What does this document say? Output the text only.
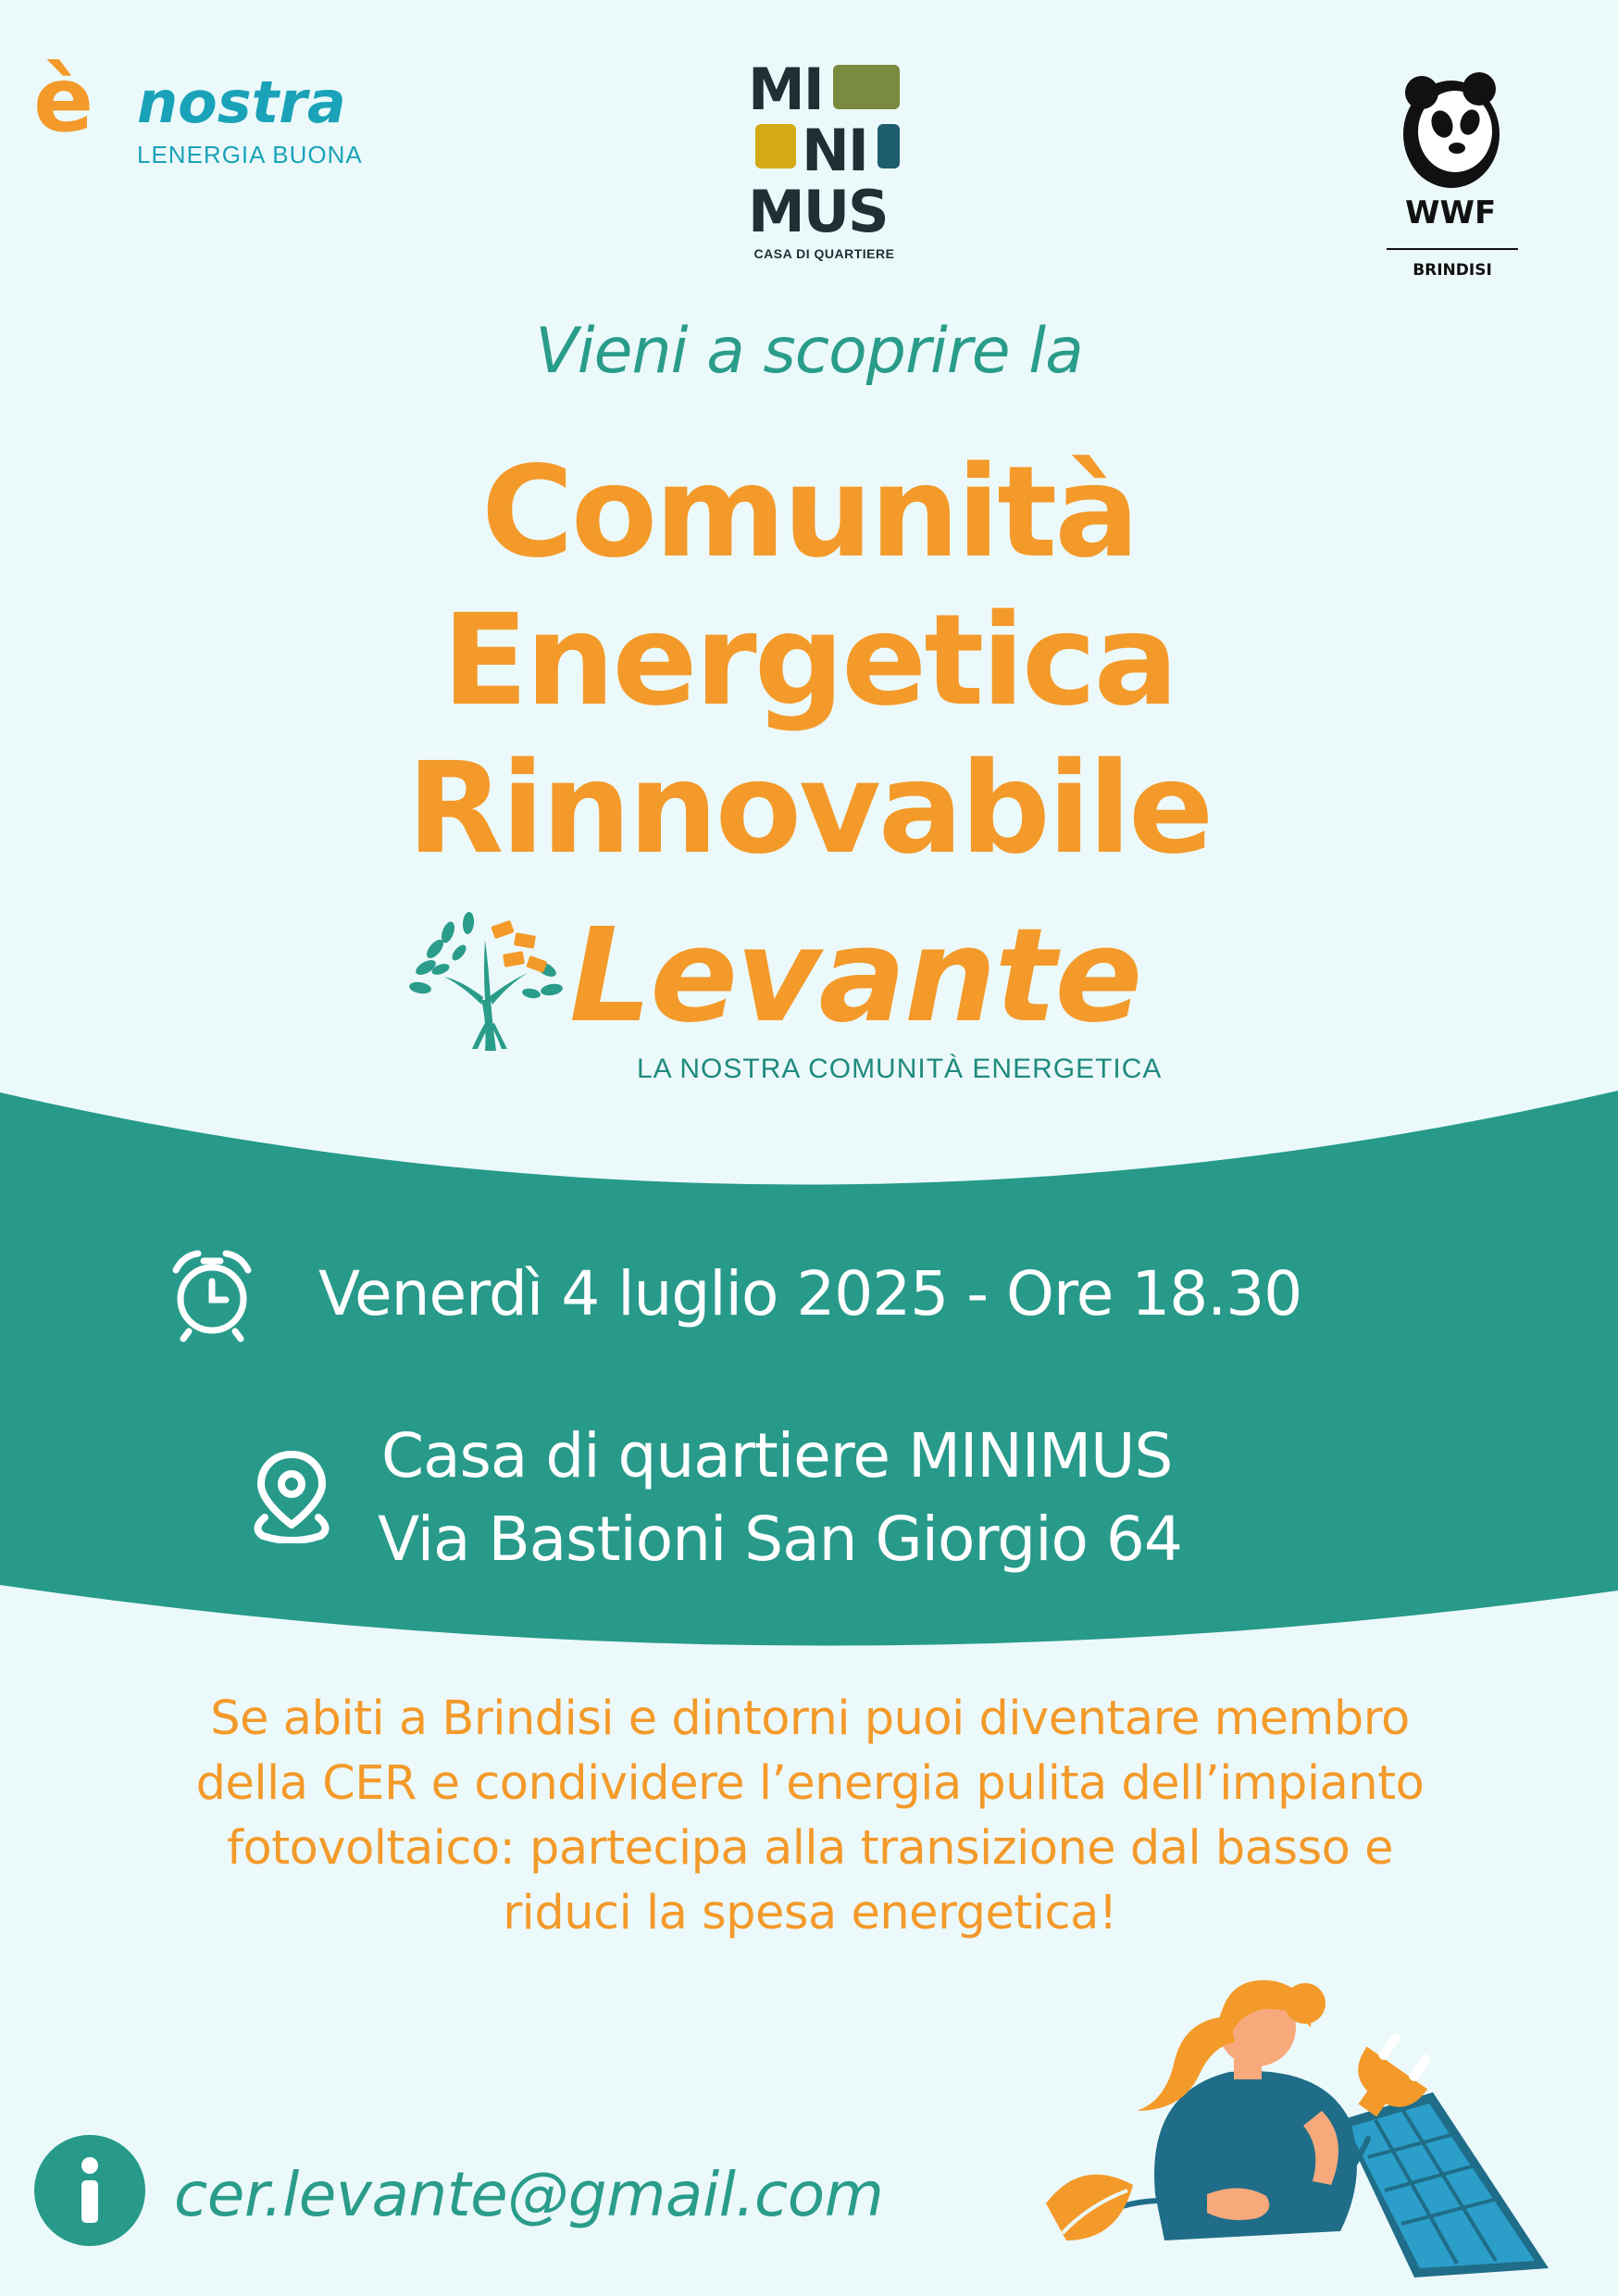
è nostra
LENERGIA BUONA
MI
NI
MUS
CASA DI QUARTIERE
WWF
BRINDISI
Vieni a scoprire la
Comunità
Energetica
Rinnovabile
Levante
LA NOSTRA COMUNITÀ ENERGETICA
Venerdì 4 luglio 2025 - Ore 18.30
Casa di quartiere MINIMUS
Via Bastioni San Giorgio 64
Se abiti a Brindisi e dintorni puoi diventare membro
della CER e condividere l’energia pulita dell’impianto
fotovoltaico: partecipa alla transizione dal basso e
riduci la spesa energetica!
cer.levante@gmail.com
